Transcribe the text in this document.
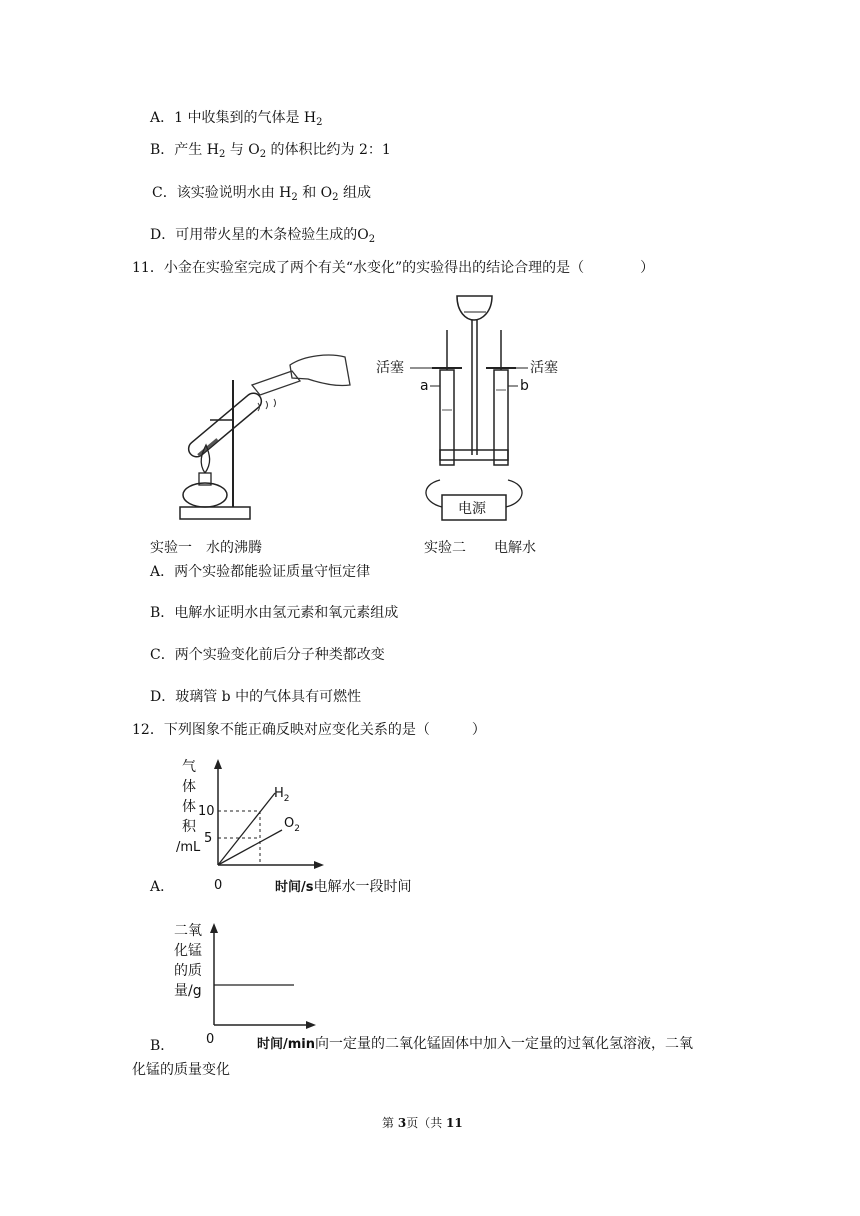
A．1 中收集到的气体是 $H_2$
B．产生 $H_2$ 与 $O_2$ 的体积比约为 2：1
C．该实验说明水由 $H_2$ 和 $O_2$ 组成
D．可用带火星的木条检验生成的$O_2$
11．小金在实验室完成了两个有关“水变化”的实验得出的结论合理的是（　　　　）
实验一　水的沸腾
电源
活塞	活塞
a	b
实验二　　电解水
A．两个实验都能验证质量守恒定律
B．电解水证明水由氢元素和氧元素组成
C．两个实验变化前后分子种类都改变
D．玻璃管 b 中的气体具有可燃性
12．下列图象不能正确反映对应变化关系的是（　　　）
气
体
体
积
/mL
10
5
$H_2$
$O_2$
0
A．	时间/s电解水一段时间
二氧
化锰
的质
量/g
0
B．	时间/min向一定量的二氧化锰固体中加入一定量的过氧化氢溶液，二氧
化锰的质量变化
第 3页（共 11
